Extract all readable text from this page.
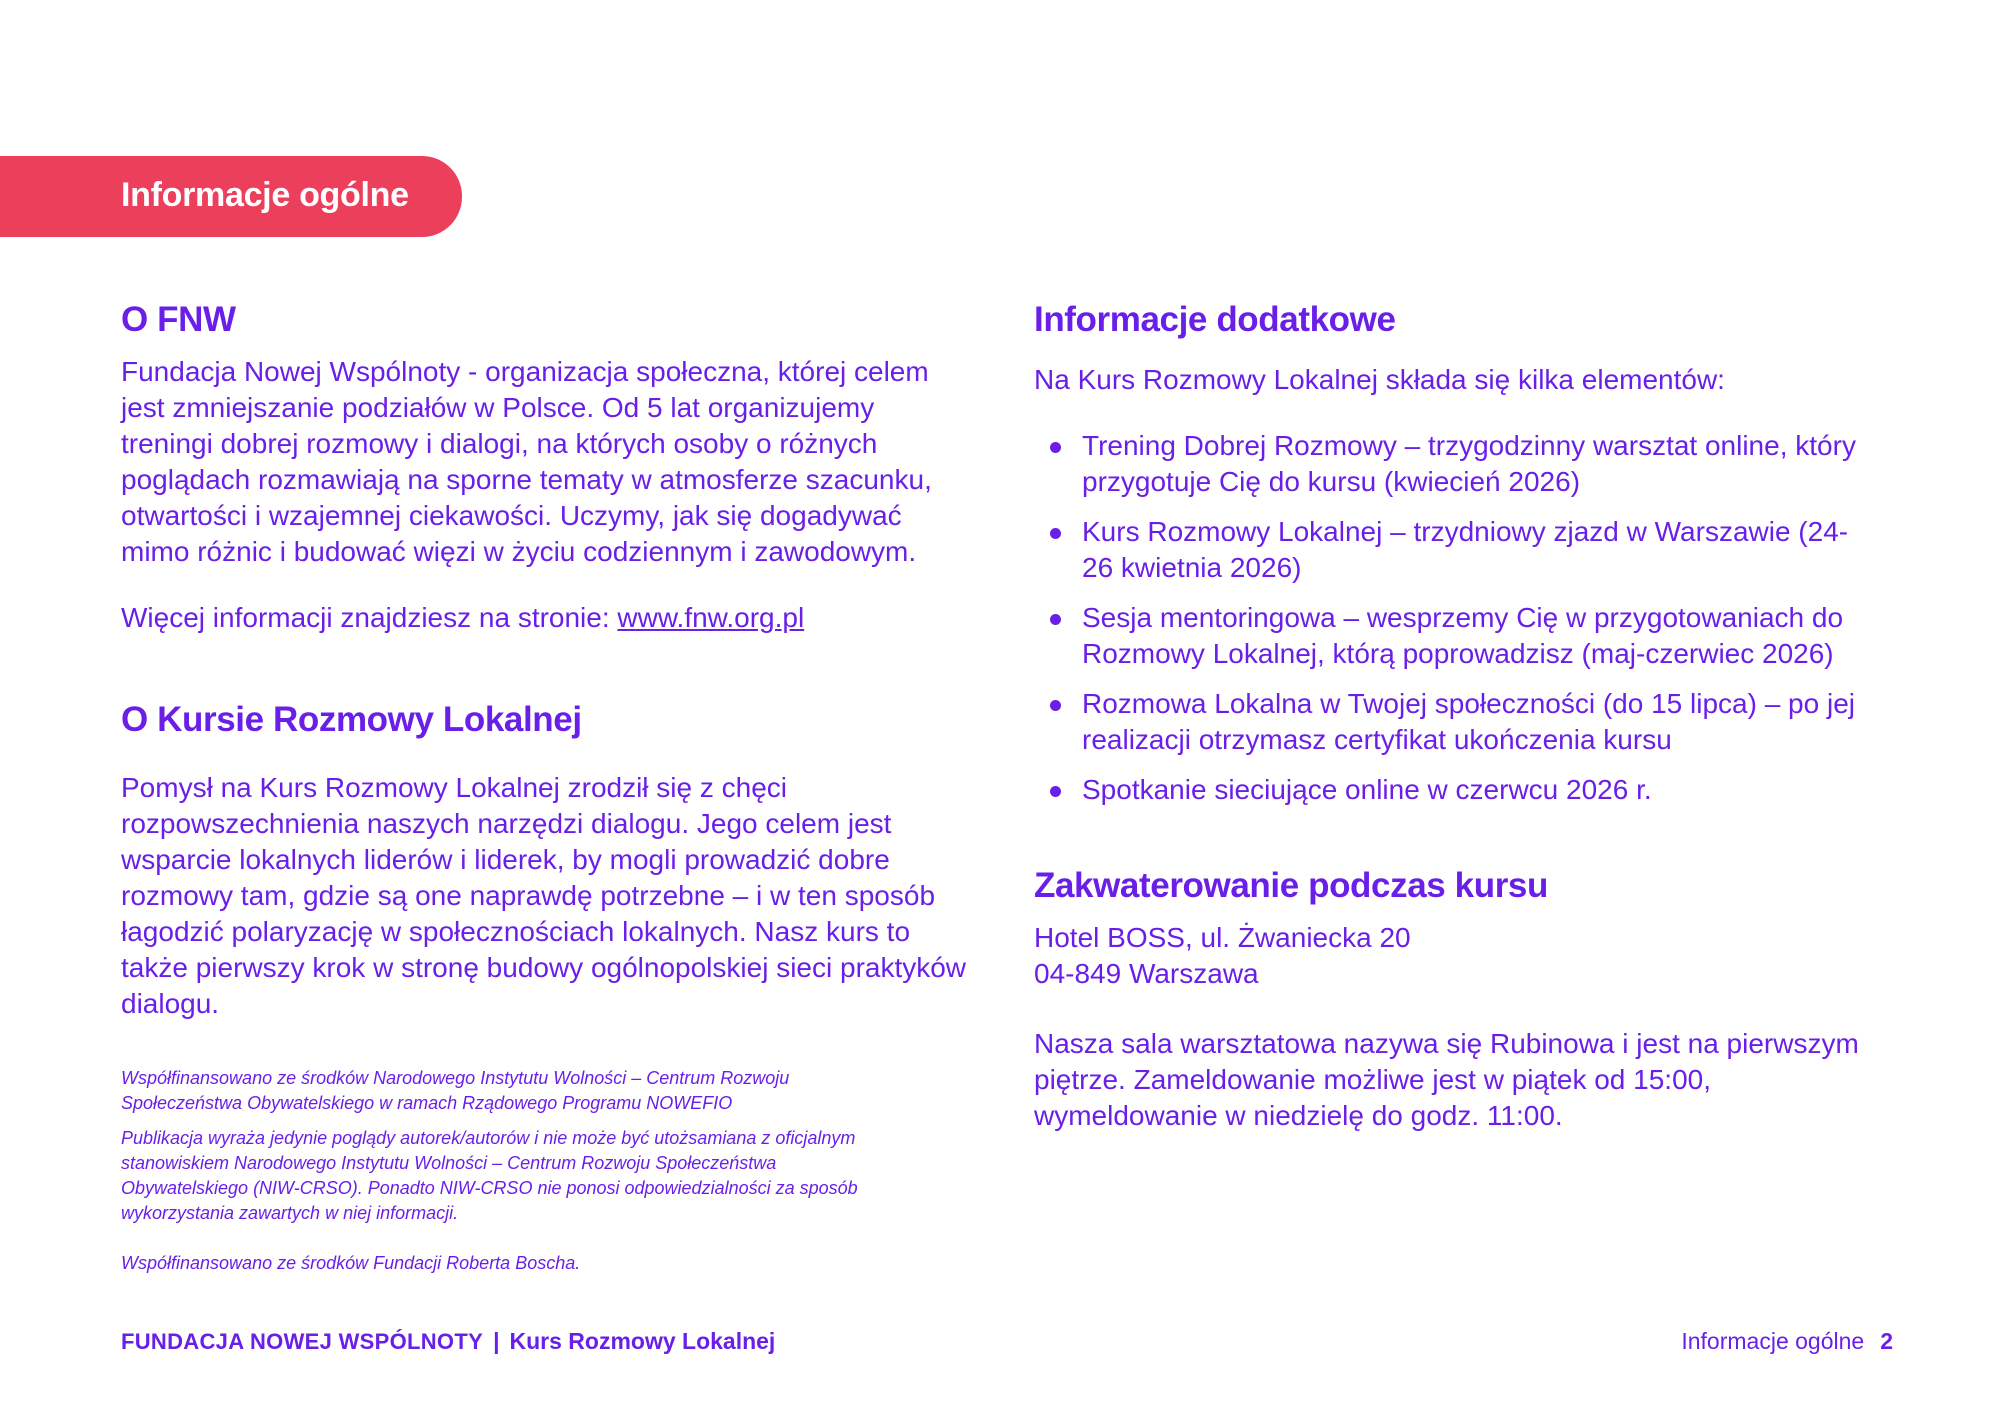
Informacje ogólne
O FNW

Fundacja Nowej Wspólnoty - organizacja społeczna, której celem jest zmniejszanie podziałów w Polsce. Od 5 lat organizujemy treningi dobrej rozmowy i dialogi, na których osoby o różnych poglądach rozmawiają na sporne tematy w atmosferze szacunku, otwartości i wzajemnej ciekawości. Uczymy, jak się dogadywać mimo różnic i budować więzi w życiu codziennym i zawodowym.

Więcej informacji znajdziesz na stronie: www.fnw.org.pl

O Kursie Rozmowy Lokalnej

Pomysł na Kurs Rozmowy Lokalnej zrodził się z chęci rozpowszechnienia naszych narzędzi dialogu. Jego celem jest wsparcie lokalnych liderów i liderek, by mogli prowadzić dobre rozmowy tam, gdzie są one naprawdę potrzebne – i w ten sposób łagodzić polaryzację w społecznościach lokalnych. Nasz kurs to także pierwszy krok w stronę budowy ogólnopolskiej sieci praktyków dialogu.

Współfinansowano ze środków Narodowego Instytutu Wolności – Centrum Rozwoju Społeczeństwa Obywatelskiego w ramach Rządowego Programu NOWEFIO

Publikacja wyraża jedynie poglądy autorek/autorów i nie może być utożsamiana z oficjalnym stanowiskiem Narodowego Instytutu Wolności – Centrum Rozwoju Społeczeństwa Obywatelskiego (NIW-CRSO). Ponadto NIW-CRSO nie ponosi odpowiedzialności za sposób wykorzystania zawartych w niej informacji.

Współfinansowano ze środków Fundacji Roberta Boscha.

Informacje dodatkowe

Na Kurs Rozmowy Lokalnej składa się kilka elementów:

Trening Dobrej Rozmowy – trzygodzinny warsztat online, który przygotuje Cię do kursu (kwiecień 2026)
Kurs Rozmowy Lokalnej – trzydniowy zjazd w Warszawie (24-26 kwietnia 2026)
Sesja mentoringowa – wesprzemy Cię w przygotowaniach do Rozmowy Lokalnej, którą poprowadzisz (maj-czerwiec 2026)
Rozmowa Lokalna w Twojej społeczności (do 15 lipca) – po jej realizacji otrzymasz certyfikat ukończenia kursu
Spotkanie sieciujące online w czerwcu 2026 r.
Zakwaterowanie podczas kursu

Hotel BOSS, ul. Żwaniecka 20

04-849 Warszawa

Nasza sala warsztatowa nazywa się Rubinowa i jest na pierwszym piętrze. Zameldowanie możliwe jest w piątek od 15:00, wymeldowanie w niedzielę do godz. 11:00.

FUNDACJA NOWEJ WSPÓLNOTY | Kurs Rozmowy Lokalnej	Informacje ogólne 2
